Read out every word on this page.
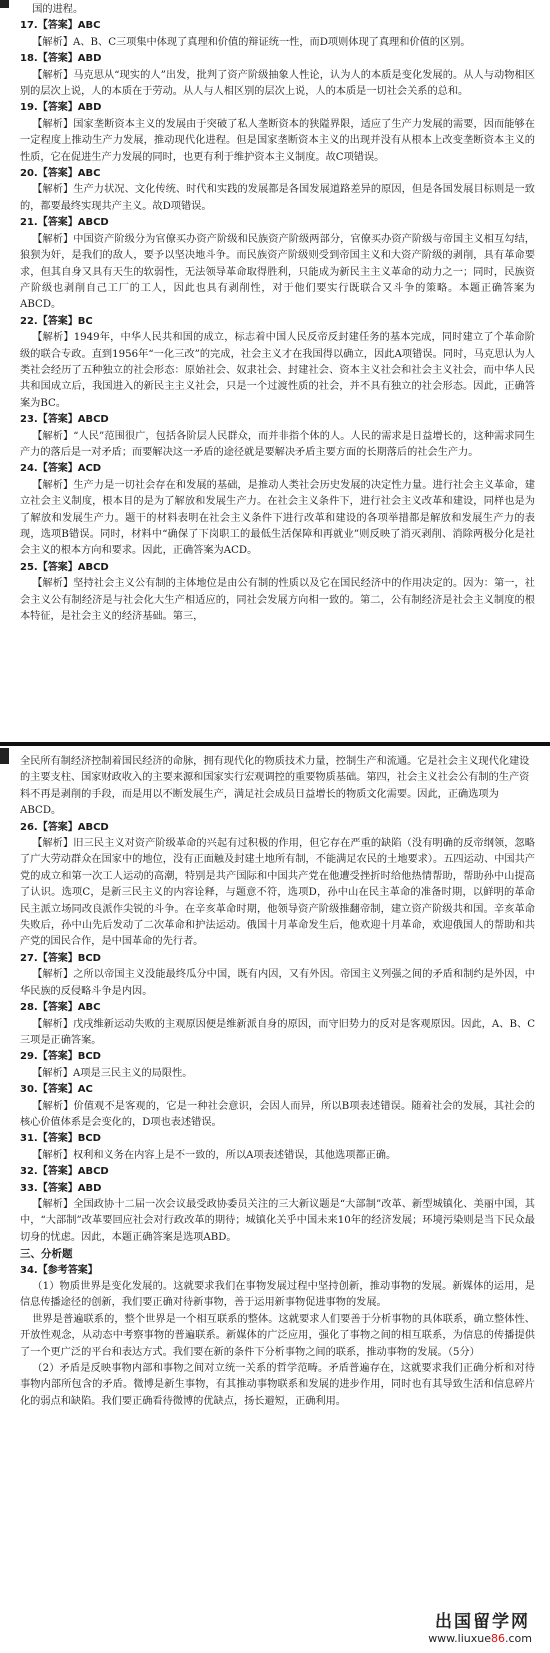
国的进程。

17.【答案】ABC

【解析】A、B、C三项集中体现了真理和价值的辩证统一性，而D项则体现了真理和价值的区别。

18.【答案】ABD

【解析】马克思从“现实的人”出发，批判了资产阶级抽象人性论，认为人的本质是变化发展的。从人与动物相区别的层次上说，人的本质在于劳动。从人与人相区别的层次上说，人的本质是一切社会关系的总和。

19.【答案】ABD

【解析】国家垄断资本主义的发展由于突破了私人垄断资本的狭隘界限，适应了生产力发展的需要，因而能够在一定程度上推动生产力发展，推动现代化进程。但是国家垄断资本主义的出现并没有从根本上改变垄断资本主义的性质，它在促进生产力发展的同时，也更有利于维护资本主义制度。故C项错误。

20.【答案】ABC

【解析】生产力状况、文化传统、时代和实践的发展都是各国发展道路差异的原因，但是各国发展目标则是一致的，都要最终实现共产主义。故D项错误。

21.【答案】ABCD

【解析】中国资产阶级分为官僚买办资产阶级和民族资产阶级两部分，官僚买办资产阶级与帝国主义相互勾结，狼狈为奸，是我们的敌人，要予以坚决地斗争。而民族资产阶级则受到帝国主义和大资产阶级的剥削，具有革命要求，但其自身又具有天生的软弱性，无法领导革命取得胜利，只能成为新民主主义革命的动力之一；同时，民族资产阶级也剥削自己工厂的工人，因此也具有剥削性，对于他们要实行既联合又斗争的策略。本题正确答案为ABCD。

22.【答案】BC

【解析】1949年，中华人民共和国的成立，标志着中国人民反帝反封建任务的基本完成，同时建立了个革命阶级的联合专政。直到1956年“一化三改”的完成，社会主义才在我国得以确立，因此A项错误。同时，马克思认为人类社会经历了五种独立的社会形态：原始社会、奴隶社会、封建社会、资本主义社会和社会主义社会，而中华人民共和国成立后，我国进入的新民主主义社会，只是一个过渡性质的社会，并不具有独立的社会形态。因此，正确答案为BC。

23.【答案】ABCD

【解析】“人民”范围很广，包括各阶层人民群众，而并非指个体的人。人民的需求是日益增长的，这种需求同生产力的落后是一对矛盾；而要解决这一矛盾的途径就是要解决矛盾主要方面的长期落后的社会生产力。

24.【答案】ACD

【解析】生产力是一切社会存在和发展的基础，是推动人类社会历史发展的决定性力量。进行社会主义革命，建立社会主义制度，根本目的是为了解放和发展生产力。在社会主义条件下，进行社会主义改革和建设，同样也是为了解放和发展生产力。题干的材料表明在社会主义条件下进行改革和建设的各项举措都是解放和发展生产力的表现，选项B错误。同时，材料中“确保了下岗职工的最低生活保障和再就业”则反映了消灭剥削、消除两极分化是社会主义的根本方向和要求。因此，正确答案为ACD。

25.【答案】ABCD

【解析】坚持社会主义公有制的主体地位是由公有制的性质以及它在国民经济中的作用决定的。因为：第一，社会主义公有制经济是与社会化大生产相适应的，同社会发展方向相一致的。第二，公有制经济是社会主义制度的根本特征，是社会主义的经济基础。第三，

全民所有制经济控制着国民经济的命脉，拥有现代化的物质技术力量，控制生产和流通。它是社会主义现代化建设的主要支柱、国家财政收入的主要来源和国家实行宏观调控的重要物质基础。第四，社会主义社会公有制的生产资料不再是剥削的手段，而是用以不断发展生产，满足社会成员日益增长的物质文化需要。因此，正确选项为ABCD。

26.【答案】ABCD

【解析】旧三民主义对资产阶级革命的兴起有过积极的作用，但它存在严重的缺陷（没有明确的反帝纲领，忽略了广大劳动群众在国家中的地位，没有正面触及封建土地所有制，不能满足农民的土地要求）。五四运动、中国共产党的成立和第一次工人运动的高潮，特别是共产国际和中国共产党在他遭受挫折时给他热情帮助，帮助孙中山提高了认识。选项C，是新三民主义的内容诠释，与题意不符，选项D，孙中山在民主革命的准备时期，以鲜明的革命民主派立场同改良派作尖锐的斗争。在辛亥革命时期，他领导资产阶级推翻帝制，建立资产阶级共和国。辛亥革命失败后，孙中山先后发动了二次革命和护法运动。俄国十月革命发生后，他欢迎十月革命，欢迎俄国人的帮助和共产党的国民合作，是中国革命的先行者。

27.【答案】BCD

【解析】之所以帝国主义没能最终瓜分中国，既有内因，又有外因。帝国主义列强之间的矛盾和制约是外因，中华民族的反侵略斗争是内因。

28.【答案】ABC

【解析】戊戌维新运动失败的主观原因便是维新派自身的原因，而守旧势力的反对是客观原因。因此，A、B、C三项是正确答案。

29.【答案】BCD

【解析】A项是三民主义的局限性。

30.【答案】AC

【解析】价值观不是客观的，它是一种社会意识，会因人而异，所以B项表述错误。随着社会的发展，其社会的核心价值体系是会变化的，D项也表述错误。

31.【答案】BCD

【解析】权利和义务在内容上是不一致的，所以A项表述错误，其他选项都正确。

32.【答案】ABCD

33.【答案】ABD

【解析】全国政协十二届一次会议最受政协委员关注的三大新议题是“大部制”改革、新型城镇化、美丽中国，其中，“大部制”改革要回应社会对行政改革的期待；城镇化关乎中国未来10年的经济发展；环境污染则是当下民众最切身的忧虑。因此，本题正确答案是选项ABD。

三、分析题

34.【参考答案】

（1）物质世界是变化发展的。这就要求我们在事物发展过程中坚持创新，推动事物的发展。新媒体的运用，是信息传播途径的创新，我们要正确对待新事物，善于运用新事物促进事物的发展。

世界是普遍联系的，整个世界是一个相互联系的整体。这就要求人们要善于分析事物的具体联系，确立整体性、开放性观念，从动态中考察事物的普遍联系。新媒体的广泛应用，强化了事物之间的相互联系，为信息的传播提供了一个更广泛的平台和表达方式。我们要在新的条件下分析事物之间的联系，推动事物的发展。（5分）

（2）矛盾是反映事物内部和事物之间对立统一关系的哲学范畴。矛盾普遍存在，这就要求我们正确分析和对待事物内部所包含的矛盾。微博是新生事物，有其推动事物联系和发展的进步作用，同时也有其导致生活和信息碎片化的弱点和缺陷。我们要正确看待微博的优缺点，扬长避短，正确利用。

出国留学网
www.liuxue86.com
